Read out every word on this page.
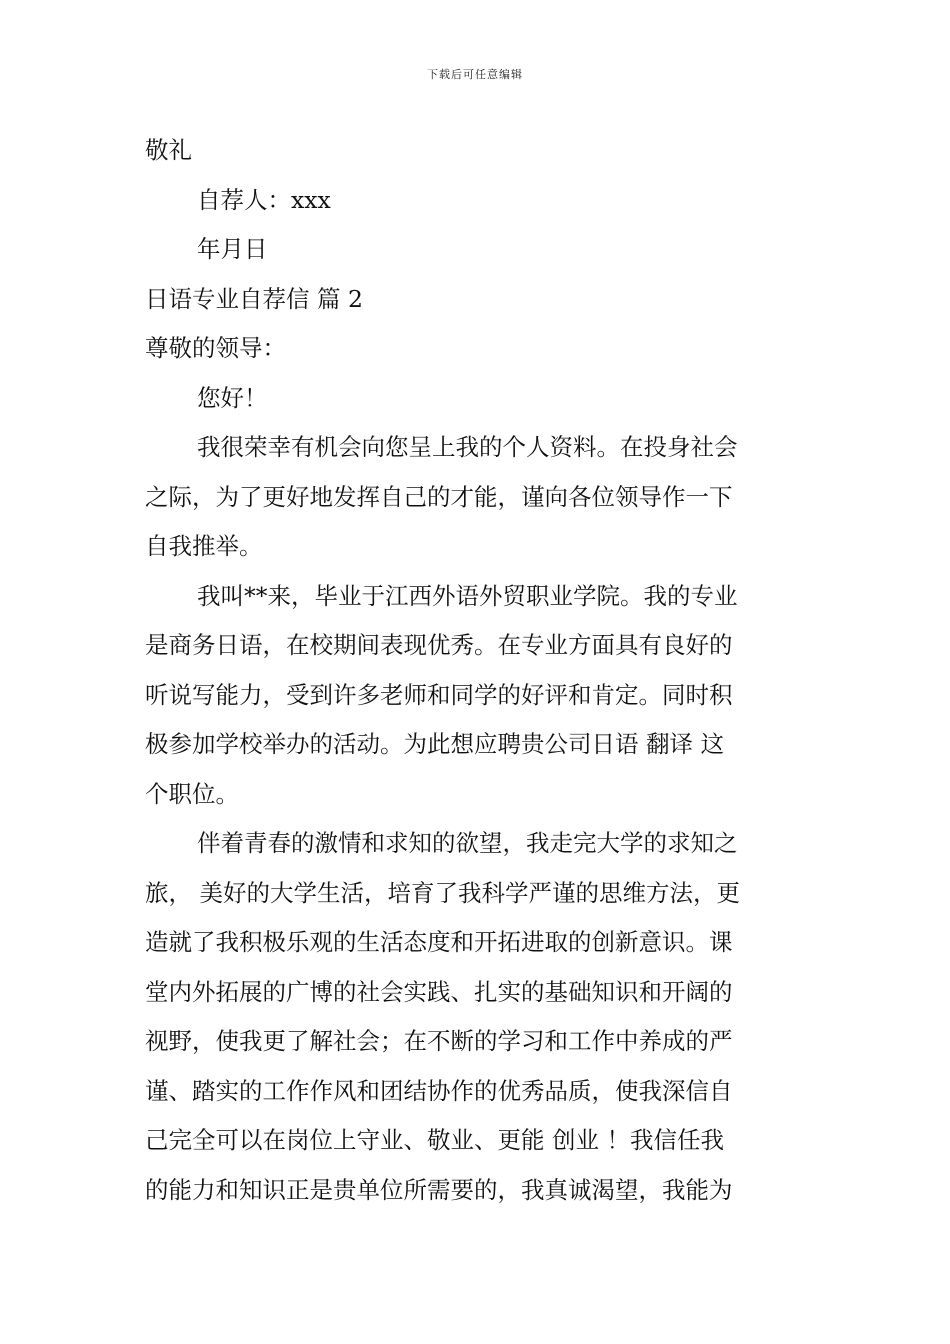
下载后可任意编辑
敬礼
自荐人：xxx
年月日
日语专业自荐信 篇 2
尊敬的领导：
您好！
我很荣幸有机会向您呈上我的个人资料。在投身社会
之际，为了更好地发挥自己的才能，谨向各位领导作一下
自我推举。
我叫**来，毕业于江西外语外贸职业学院。我的专业
是商务日语，在校期间表现优秀。在专业方面具有良好的
听说写能力，受到许多老师和同学的好评和肯定。同时积
极参加学校举办的活动。为此想应聘贵公司日语 翻译 这
个职位。
伴着青春的激情和求知的欲望，我走完大学的求知之
旅， 美好的大学生活，培育了我科学严谨的思维方法，更
造就了我积极乐观的生活态度和开拓进取的创新意识。课
堂内外拓展的广博的社会实践、扎实的基础知识和开阔的
视野，使我更了解社会；在不断的学习和工作中养成的严
谨、踏实的工作作风和团结协作的优秀品质，使我深信自
己完全可以在岗位上守业、敬业、更能 创业 ！我信任我
的能力和知识正是贵单位所需要的，我真诚渴望，我能为
